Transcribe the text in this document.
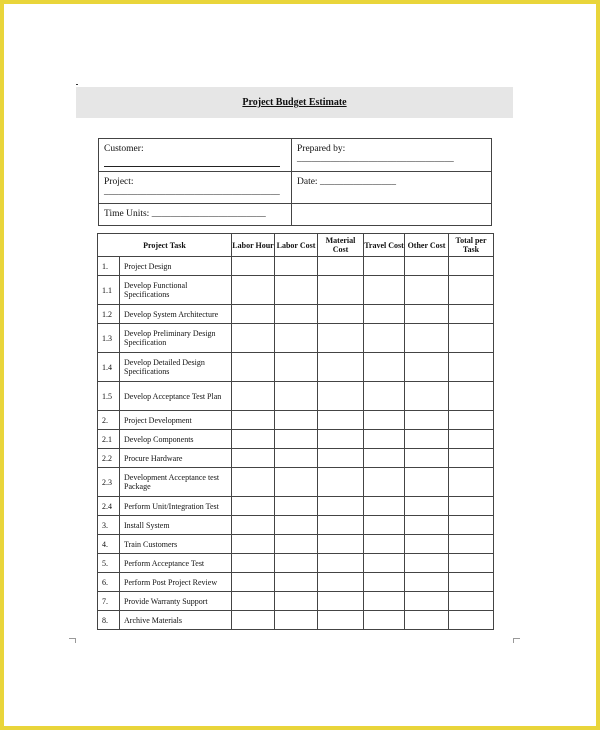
Project Budget Estimate
Customer:	Prepared by:
_________________________________
Project:
_____________________________________	Date: ________________
Time Units: ________________________	
Project Task		Labor Hour	Labor Cost	Material Cost	Travel Cost	Other Cost	Total per Task
1.	Project Design						
1.1	Develop Functional Specifications						
1.2	Develop System Architecture						
1.3	Develop Preliminary Design Specification						
1.4	Develop Detailed Design Specifications						
1.5	Develop Acceptance Test Plan						
2.	Project Development						
2.1	Develop Components						
2.2	Procure Hardware						
2.3	Development Acceptance test Package						
2.4	Perform Unit/Integration Test						
3.	Install System						
4.	Train Customers						
5.	Perform Acceptance Test						
6.	Perform Post Project Review						
7.	Provide Warranty Support						
8.	Archive Materials						
